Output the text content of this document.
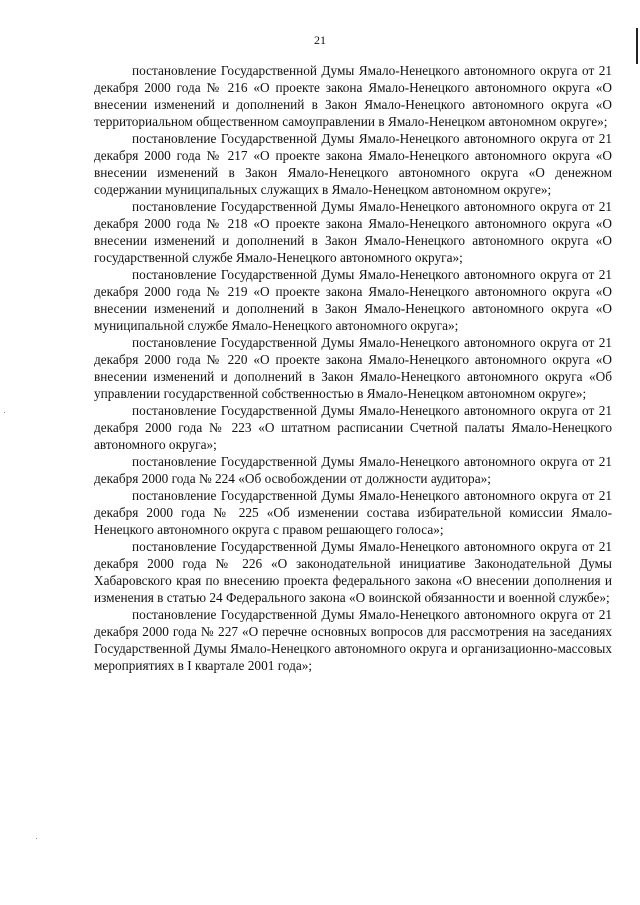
21

постановление Государственной Думы Ямало-Ненецкого автономного округа от 21 декабря 2000 года № 216 «О проекте закона Ямало-Ненецкого автономного округа «О внесении изменений и дополнений в Закон Ямало-Ненецкого автономного округа «О территориальном общественном самоуправлении в Ямало-Ненецком автономном округе»;

постановление Государственной Думы Ямало-Ненецкого автономного округа от 21 декабря 2000 года № 217 «О проекте закона Ямало-Ненецкого автономного округа «О внесении изменений в Закон Ямало-Ненецкого автономного округа «О денежном содержании муниципальных служащих в Ямало-Ненецком автономном округе»;

постановление Государственной Думы Ямало-Ненецкого автономного округа от 21 декабря 2000 года № 218 «О проекте закона Ямало-Ненецкого автономного округа «О внесении изменений и дополнений в Закон Ямало-Ненецкого автономного округа «О государственной службе Ямало-Ненецкого автономного округа»;

постановление Государственной Думы Ямало-Ненецкого автономного округа от 21 декабря 2000 года № 219 «О проекте закона Ямало-Ненецкого автономного округа «О внесении изменений и дополнений в Закон Ямало-Ненецкого автономного округа «О муниципальной службе Ямало-Ненецкого автономного округа»;

постановление Государственной Думы Ямало-Ненецкого автономного округа от 21 декабря 2000 года № 220 «О проекте закона Ямало-Ненецкого автономного округа «О внесении изменений и дополнений в Закон Ямало-Ненецкого автономного округа «Об управлении государственной собственностью в Ямало-Ненецком автономном округе»;

постановление Государственной Думы Ямало-Ненецкого автономного округа от 21 декабря 2000 года № 223 «О штатном расписании Счетной палаты Ямало-Ненецкого автономного округа»;

постановление Государственной Думы Ямало-Ненецкого автономного округа от 21 декабря 2000 года № 224 «Об освобождении от должности аудитора»;

постановление Государственной Думы Ямало-Ненецкого автономного округа от 21 декабря 2000 года № 225 «Об изменении состава избирательной комиссии Ямало-Ненецкого автономного округа с правом решающего голоса»;

постановление Государственной Думы Ямало-Ненецкого автономного округа от 21 декабря 2000 года № 226 «О законодательной инициативе Законодательной Думы Хабаровского края по внесению проекта федерального закона «О внесении дополнения и изменения в статью 24 Федерального закона «О воинской обязанности и военной службе»;

постановление Государственной Думы Ямало-Ненецкого автономного округа от 21 декабря 2000 года № 227 «О перечне основных вопросов для рассмотрения на заседаниях Государственной Думы Ямало-Ненецкого автономного округа и организационно-массовых мероприятиях в I квартале 2001 года»;
